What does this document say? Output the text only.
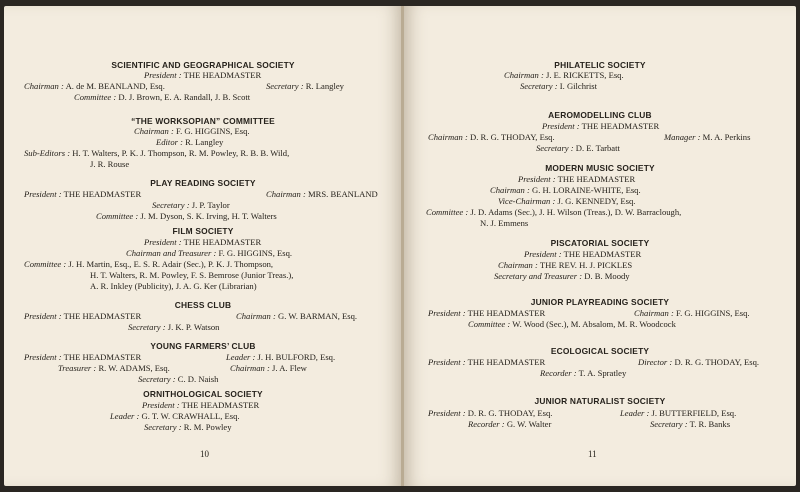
SCIENTIFIC AND GEOGRAPHICAL SOCIETY
President : THE HEADMASTER
Chairman : A. de M. BEANLAND, Esq.	Secretary : R. Langley
Committee : D. J. Brown, E. A. Randall, J. B. Scott
“THE WORKSOPIAN” COMMITTEE
Chairman : F. G. HIGGINS, Esq.
Editor : R. Langley
Sub-Editors : H. T. Walters, P. K. J. Thompson, R. M. Powley, R. B. B. Wild,
J. R. Rouse
PLAY READING SOCIETY
President : THE HEADMASTER	Chairman : MRS. BEANLAND
Secretary : J. P. Taylor
Committee : J. M. Dyson, S. K. Irving, H. T. Walters
FILM SOCIETY
President : THE HEADMASTER
Chairman and Treasurer : F. G. HIGGINS, Esq.
Committee : J. H. Martin, Esq., E. S. R. Adair (Sec.), P. K. J. Thompson,
H. T. Walters, R. M. Powley, F. S. Bemrose (Junior Treas.),
A. R. Inkley (Publicity), J. A. G. Ker (Librarian)
CHESS CLUB
President : THE HEADMASTER	Chairman : G. W. BARMAN, Esq.
Secretary : J. K. P. Watson
YOUNG FARMERS’ CLUB
President : THE HEADMASTER	Leader : J. H. BULFORD, Esq.
Treasurer : R. W. ADAMS, Esq.	Chairman : J. A. Flew
Secretary : C. D. Naish
ORNITHOLOGICAL SOCIETY
President : THE HEADMASTER
Leader : G. T. W. CRAWHALL, Esq.
Secretary : R. M. Powley
10
PHILATELIC SOCIETY
Chairman : J. E. RICKETTS, Esq.
Secretary : I. Gilchrist
AEROMODELLING CLUB
President : THE HEADMASTER
Chairman : D. R. G. THODAY, Esq.	Manager : M. A. Perkins
Secretary : D. E. Tarbatt
MODERN MUSIC SOCIETY
President : THE HEADMASTER
Chairman : G. H. LORAINE-WHITE, Esq.
Vice-Chairman : J. G. KENNEDY, Esq.
Committee : J. D. Adams (Sec.), J. H. Wilson (Treas.), D. W. Barraclough,
N. J. Emmens
PISCATORIAL SOCIETY
President : THE HEADMASTER
Chairman : THE REV. H. J. PICKLES
Secretary and Treasurer : D. B. Moody
JUNIOR PLAYREADING SOCIETY
President : THE HEADMASTER	Chairman : F. G. HIGGINS, Esq.
Committee : W. Wood (Sec.), M. Absalom, M. R. Woodcock
ECOLOGICAL SOCIETY
President : THE HEADMASTER	Director : D. R. G. THODAY, Esq.
Recorder : T. A. Spratley
JUNIOR NATURALIST SOCIETY
President : D. R. G. THODAY, Esq.	Leader : J. BUTTERFIELD, Esq.
Recorder : G. W. Walter	Secretary : T. R. Banks
11
